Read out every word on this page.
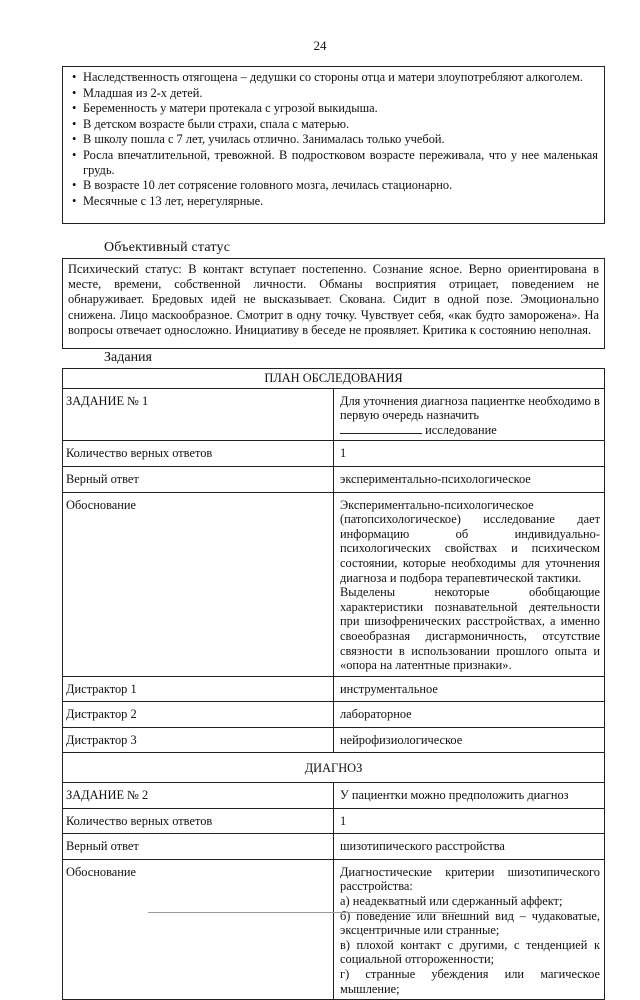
24
• Наследственность отягощена – дедушки со стороны отца и матери злоупотребляют алкоголем.
• Младшая из 2-х детей.
• Беременность у матери протекала с угрозой выкидыша.
• В детском возрасте были страхи, спала с матерью.
• В школу пошла с 7 лет, училась отлично. Занималась только учебой.
• Росла впечатлительной, тревожной. В подростковом возрасте переживала, что у нее маленькая грудь.
• В возрасте 10 лет сотрясение головного мозга, лечилась стационарно.
• Месячные с 13 лет, нерегулярные.
Объективный статус
Психический статус: В контакт вступает постепенно. Сознание ясное. Верно ориентирована в месте, времени, собственной личности. Обманы восприятия отрицает, поведением не обнаруживает. Бредовых идей не высказывает. Скована. Сидит в одной позе. Эмоционально снижена. Лицо маскообразное. Смотрит в одну точку. Чувствует себя, «как будто заморожена». На вопросы отвечает односложно. Инициативу в беседе не проявляет. Критика к состоянию неполная.
Задания
ПЛАН ОБСЛЕДОВАНИЯ	
ЗАДАНИЕ № 1	Для уточнения диагноза пациентке необходимо в первую очередь назначить
исследование

Количество верных ответов	1
Верный ответ	экспериментально-психологическое
Обоснование	Экспериментально-психологическое (патопсихологическое) исследование дает информацию об индивидуально-психологических свойствах и психическом состоянии, которые необходимы для уточнения диагноза и подбора терапевтической тактики.
Выделены некоторые обобщающие характеристики познавательной деятельности при шизофренических расстройствах, а именно своеобразная дисгармоничность, отсутствие связности в использовании прошлого опыта и «опора на латентные признаки».

Дистрактор 1	инструментальное
Дистрактор 2	лабораторное
Дистрактор 3	нейрофизиологическое
ДИАГНОЗ	
ЗАДАНИЕ № 2	У пациентки можно предположить диагноз
Количество верных ответов	1
Верный ответ	шизотипического расстройства
Обоснование	Диагностические критерии шизотипического расстройства:
а) неадекватный или сдержанный аффект;
б) поведение или внешний вид – чудаковатые, эксцентричные или странные;
в) плохой контакт с другими, с тенденцией к социальной отгороженности;
г) странные убеждения или магическое мышление;
